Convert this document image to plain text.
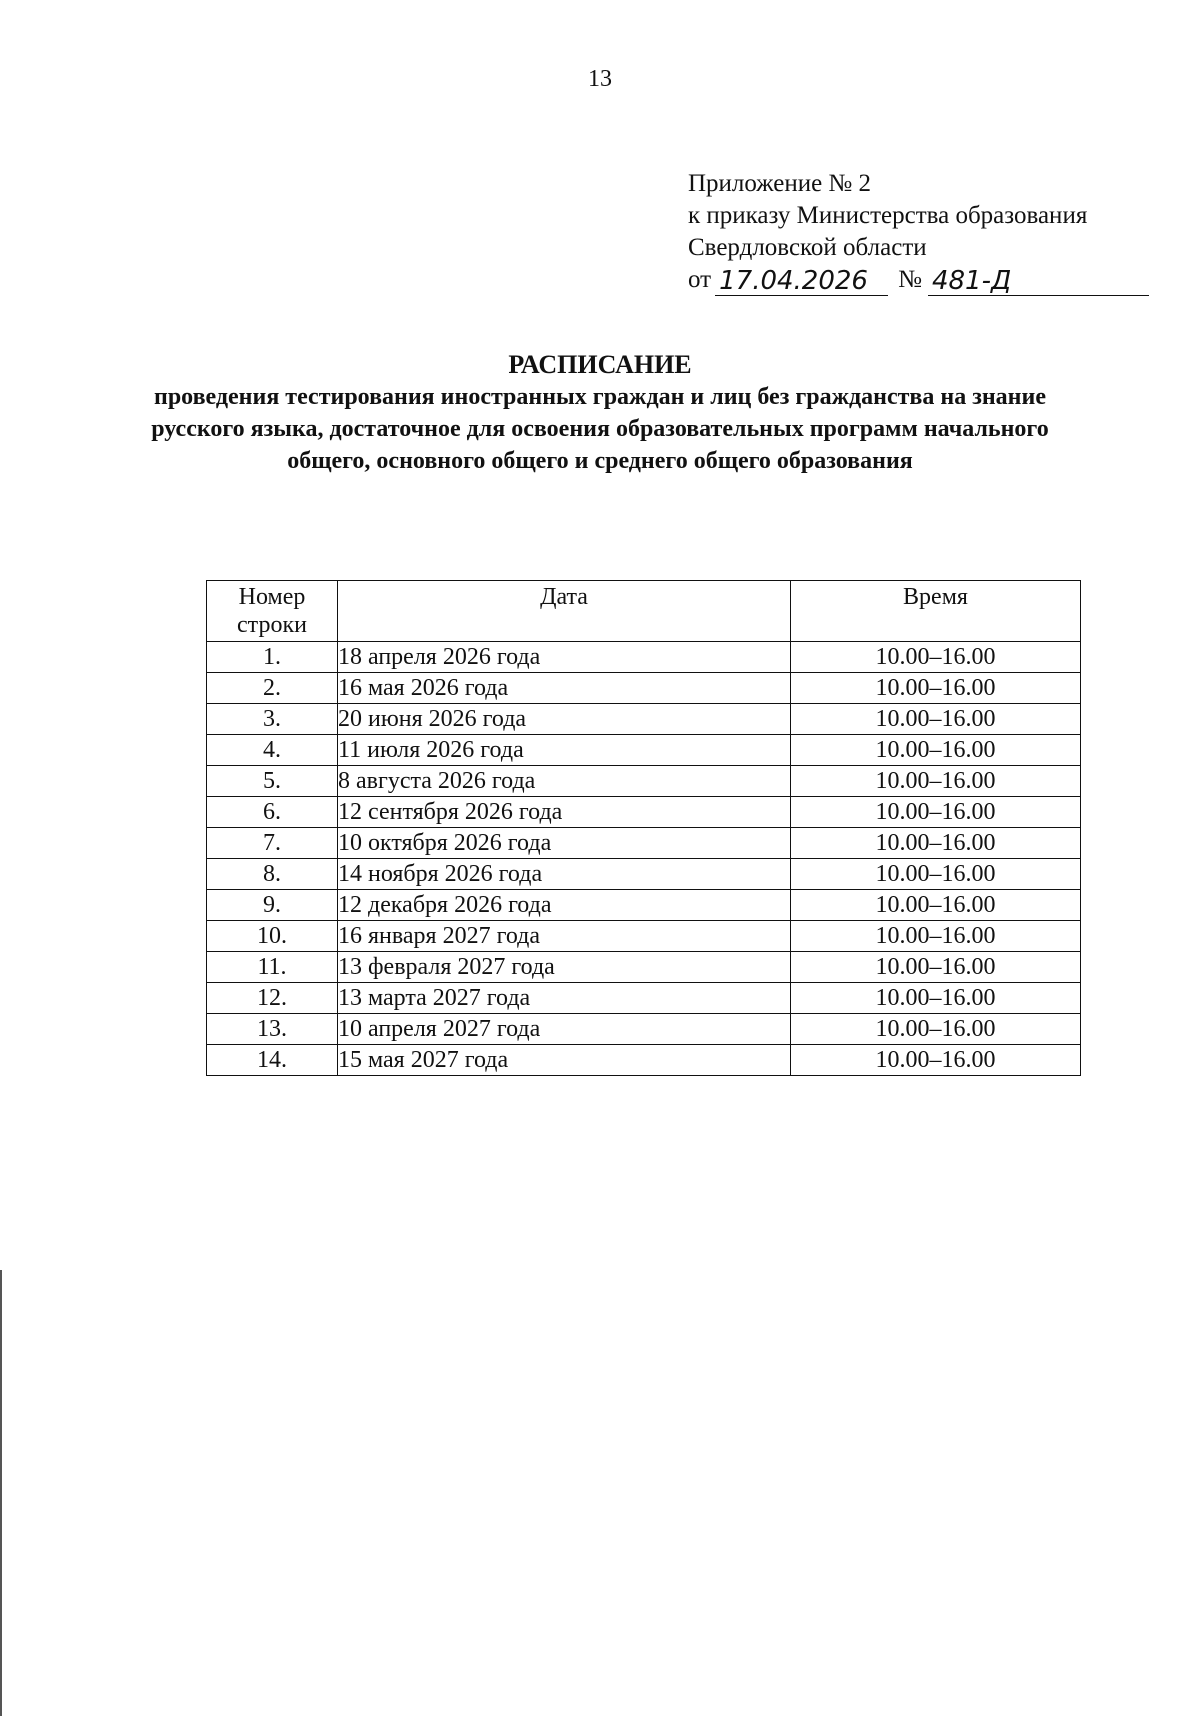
13
Приложение № 2
к приказу Министерства образования
Свердловской области
от 17.04.2026	№ 481-Д
РАСПИСАНИЕ
проведения тестирования иностранных граждан и лиц без гражданства на знание русского языка, достаточное для освоения образовательных программ начального общего, основного общего и среднего общего образования
Номер
строки	Дата	Время
1.	18 апреля 2026 года	10.00–16.00
2.	16 мая 2026 года	10.00–16.00
3.	20 июня 2026 года	10.00–16.00
4.	11 июля 2026 года	10.00–16.00
5.	8 августа 2026 года	10.00–16.00
6.	12 сентября 2026 года	10.00–16.00
7.	10 октября 2026 года	10.00–16.00
8.	14 ноября 2026 года	10.00–16.00
9.	12 декабря 2026 года	10.00–16.00
10.	16 января 2027 года	10.00–16.00
11.	13 февраля 2027 года	10.00–16.00
12.	13 марта 2027 года	10.00–16.00
13.	10 апреля 2027 года	10.00–16.00
14.	15 мая 2027 года	10.00–16.00
